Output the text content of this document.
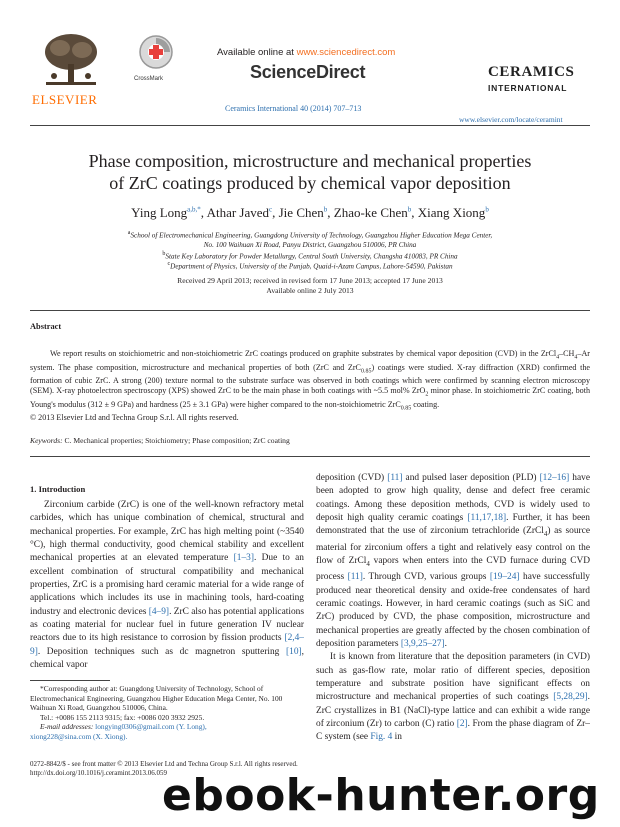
ELSEVIER
CrossMark
Available online at www.sciencedirect.com
ScienceDirect
Ceramics International 40 (2014) 707–713
CERAMICS
INTERNATIONAL
www.elsevier.com/locate/ceramint
Phase composition, microstructure and mechanical properties
of ZrC coatings produced by chemical vapor deposition
Ying Long$^{a,b,*}$, Athar Javed$^c$, Jie Chen$^b$, Zhao-ke Chen$^b$, Xiang Xiong$^b$
$^a$School of Electromechanical Engineering, Guangdong University of Technology, Guangzhou Higher Education Mega Center,
No. 100 Waihuan Xi Road, Panyu District, Guangzhou 510006, PR China
$^b$State Key Laboratory for Powder Metallurgy, Central South University, Changsha 410083, PR China
$^c$Department of Physics, University of the Punjab, Quaid-i-Azam Campus, Lahore-54590, Pakistan
Received 29 April 2013; received in revised form 17 June 2013; accepted 17 June 2013
Available online 2 July 2013
Abstract
We report results on stoichiometric and non-stoichiometric ZrC coatings produced on graphite substrates by chemical vapor deposition (CVD) in the $ZrCl_4-CH_4-Ar$ system. The phase composition, microstructure and mechanical properties of both (ZrC and ZrC$_{0.85}$) coatings were studied. X-ray diffraction (XRD) confirmed the formation of cubic ZrC. A strong (200) texture normal to the substrate surface was observed in both coatings which were confirmed by scanning electron microscopy (SEM). X-ray photoelectron spectroscopy (XPS) showed ZrC to be the main phase in both coatings with ~5.5 mol% ZrO$_2$ minor phase. In stoichiometric ZrC coating, both Young's modulus (312 ± 9 GPa) and hardness (25 ± 3.1 GPa) were higher compared to the non-stoichiometric ZrC$_{0.85}$ coating.
© 2013 Elsevier Ltd and Techna Group S.r.l. All rights reserved.
Keywords: C. Mechanical properties; Stoichiometry; Phase composition; ZrC coating
1. Introduction

Zirconium carbide (ZrC) is one of the well-known refractory metal carbides, which has unique combination of chemical, structural and mechanical properties. For example, ZrC has high melting point (~3540 °C), high thermal conductivity, good chemical stability and excellent mechanical properties at an elevated temperature [1–3]. Due to an excellent combination of structural compatibility and mechanical properties, ZrC is a promising hard ceramic material for a wide range of applications which includes its use in machining tools, hard-coating industry and electronic devices [4–9]. ZrC also has potential applications as coating material for nuclear fuel in future generation IV nuclear reactors due to its high resistance to corrosion by fission products [2,4–9]. Deposition techniques such as dc magnetron sputtering [10], chemical vapor

*Corresponding author at: Guangdong University of Technology, School of Electromechanical Engineering, Guangzhou Higher Education Mega Center, No. 100 Waihuan Xi Road, Guangzhou 510006, China.

Tel.: +0086 155 2113 9315; fax: +0086 020 3932 2925.

E-mail addresses: longying0306@gmail.com (Y. Long),

xiong228@sina.com (X. Xiong).

deposition (CVD) [11] and pulsed laser deposition (PLD) [12–16] have been adopted to grow high quality, dense and defect free ceramic coatings. Among these deposition methods, CVD is widely used to deposit high quality ceramic coatings [11,17,18]. Further, it has been demonstrated that the use of zirconium tetrachloride (ZrCl$_4$) as source material for zirconium offers a tight and relatively easy control on the flow of ZrCl$_4$ vapors when enters into the CVD furnace during CVD process [11]. Through CVD, various groups [19–24] have successfully produced near theoretical density and oxide-free condensates of hard ceramic coatings. However, in hard ceramic coatings (such as SiC and ZrC) produced by CVD, the phase composition, microstructure and mechanical properties are greatly affected by the chosen combination of deposition parameters [3,9,25–27].

It is known from literature that the deposition parameters (in CVD) such as gas-flow rate, molar ratio of different species, deposition temperature and substrate position have significant effects on microstructure and mechanical properties of such coatings [5,28,29]. ZrC crystallizes in B1 (NaCl)-type lattice and can exhibit a wide range of zirconium (Zr) to carbon (C) ratio [2]. From the phase diagram of Zr–C system (see Fig. 4 in

0272-8842/$ - see front matter © 2013 Elsevier Ltd and Techna Group S.r.l. All rights reserved.
http://dx.doi.org/10.1016/j.ceramint.2013.06.059
ebook-hunter.org
